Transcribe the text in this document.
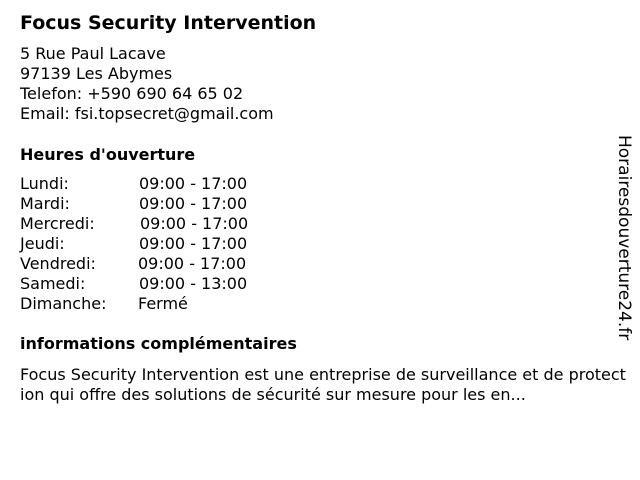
Focus Security Intervention
5 Rue Paul Lacave
97139 Les Abymes
Telefon: +590 690 64 65 02
Email: fsi.topsecret@gmail.com
Heures d'ouverture
Lundi:	09:00 - 17:00
Mardi:	09:00 - 17:00
Mercredi:	09:00 - 17:00
Jeudi:	09:00 - 17:00
Vendredi:	09:00 - 17:00
Samedi:	09:00 - 13:00
Dimanche: Fermé
informations complémentaires
Focus Security Intervention est une entreprise de surveillance et de protection qui offre des solutions de sécurité sur mesure pour les en...
Horairesdouverture24.fr
